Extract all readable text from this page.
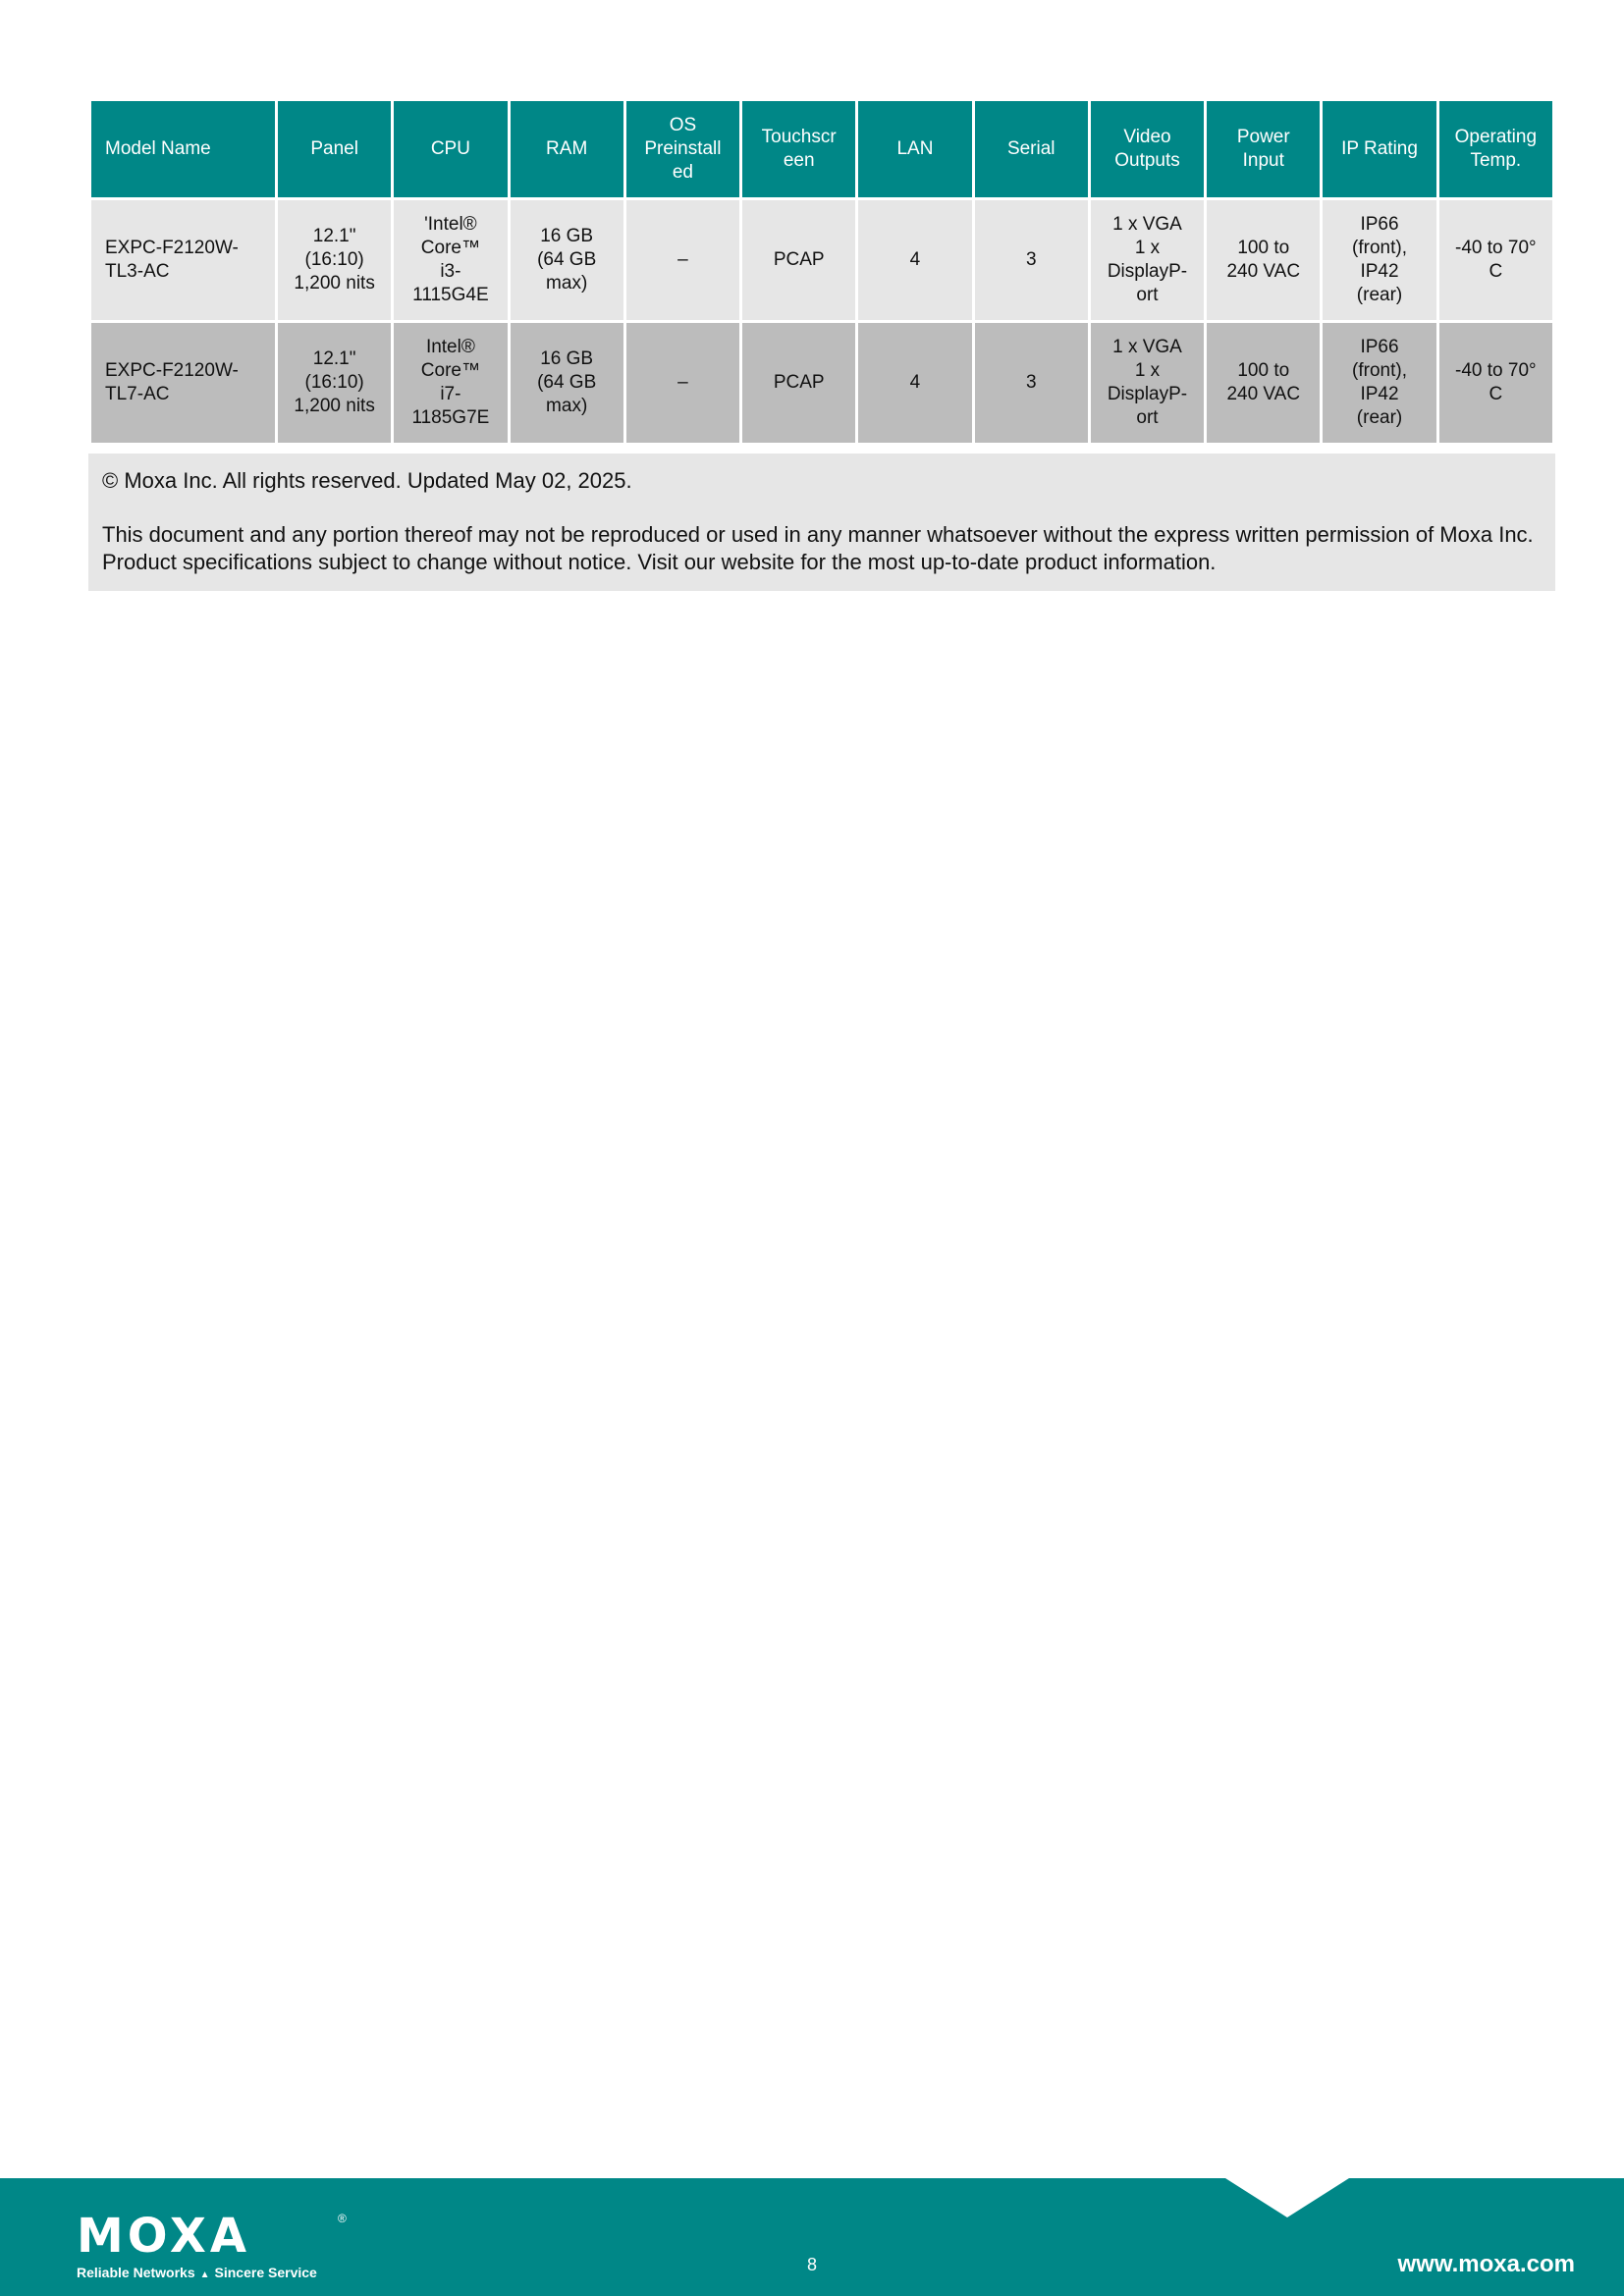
Model Name	Panel	CPU	RAM	OS
Preinstall
ed	Touchscr
een	LAN	Serial	Video
Outputs	Power
Input	IP Rating	Operating
Temp.
EXPC-F2120W-
TL3-AC	12.1"
(16:10)
1,200 nits	'Intel®
Core™
i3-
1115G4E	16 GB
(64 GB
max)	–	PCAP	4	3	1 x VGA
1 x
DisplayP-
ort	100 to
240 VAC	IP66
(front),
IP42
(rear)	-40 to 70°
C
EXPC-F2120W-
TL7-AC	12.1"
(16:10)
1,200 nits	Intel®
Core™
i7-
1185G7E	16 GB
(64 GB
max)	–	PCAP	4	3	1 x VGA
1 x
DisplayP-
ort	100 to
240 VAC	IP66
(front),
IP42
(rear)	-40 to 70°
C

© Moxa Inc. All rights reserved. Updated May 02, 2025.

This document and any portion thereof may not be reproduced or used in any manner whatsoever without the express written permission of Moxa Inc. Product specifications subject to change without notice. Visit our website for the most up-to-date product information.

MOXA	®
Reliable Networks ▲ Sincere Service	8	www.moxa.com
